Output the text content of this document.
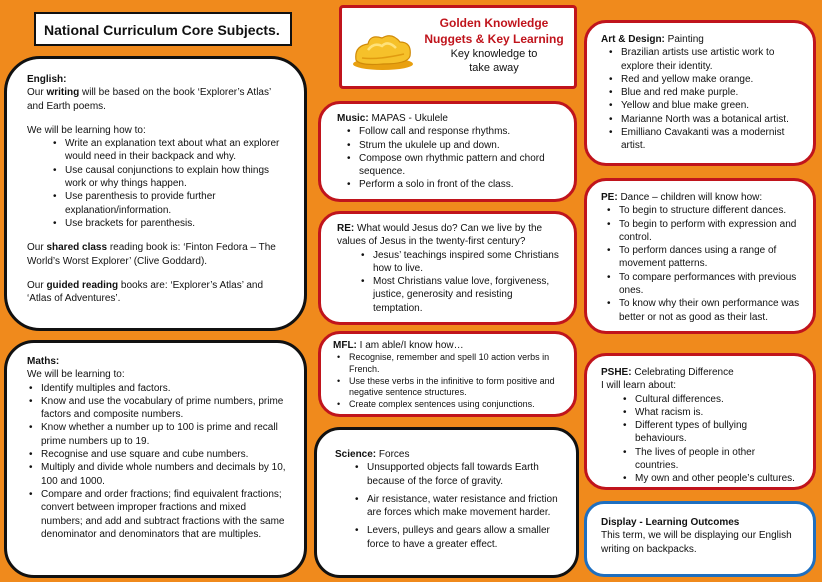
National Curriculum Core Subjects.	Golden Knowledge
Nuggets & Key Learning
Key knowledge to
take away

English:

Our writing will be based on the book ‘Explorer’s Atlas’ and Earth poems.

We will be learning how to:

• Write an explanation text about what an explorer would need in their backpack and why.
• Use causal conjunctions to explain how things work or why things happen.
• Use parenthesis to provide further explanation/information.
• Use brackets for parenthesis.

Our shared class reading book is: ‘Finton Fedora – The World’s Worst Explorer’ (Clive Goddard).

Our guided reading books are: ‘Explorer’s Atlas’ and ‘Atlas of Adventures’.

Maths:

We will be learning to:

• Identify multiples and factors.
• Know and use the vocabulary of prime numbers, prime factors and composite numbers.
• Know whether a number up to 100 is prime and recall prime numbers up to 19.
• Recognise and use square and cube numbers.
• Multiply and divide whole numbers and decimals by 10, 100 and 1000.
• Compare and order fractions; find equivalent fractions; convert between improper fractions and mixed numbers; and add and subtract fractions with the same denominator and denominators that are multiples.

Music: MAPAS - Ukulele

• Follow call and response rhythms.
• Strum the ukulele up and down.
• Compose own rhythmic pattern and chord sequence.
• Perform a solo in front of the class.

RE: What would Jesus do? Can we live by the values of Jesus in the twenty-first century?

• Jesus’ teachings inspired some Christians how to live.
• Most Christians value love, forgiveness, justice, generosity and resisting temptation.

MFL: I am able/I know how…

• Recognise, remember and spell 10 action verbs in French.
• Use these verbs in the infinitive to form positive and negative sentence structures.
• Create complex sentences using conjunctions.

Science: Forces

• Unsupported objects fall towards Earth because of the force of gravity.
• Air resistance, water resistance and friction are forces which make movement harder.
• Levers, pulleys and gears allow a smaller force to have a greater effect.

Art & Design: Painting

• Brazilian artists use artistic work to explore their identity.
• Red and yellow make orange.
• Blue and red make purple.
• Yellow and blue make green.
• Marianne North was a botanical artist.
• Emilliano Cavakanti was a modernist artist.

PE: Dance – children will know how:

• To begin to structure different dances.
• To begin to perform with expression and control.
• To perform dances using a range of movement patterns.
• To compare performances with previous ones.
• To know why their own performance was better or not as good as their last.

PSHE: Celebrating Difference

I will learn about:

• Cultural differences.
• What racism is.
• Different types of bullying behaviours.
• The lives of people in other countries.
• My own and other people’s cultures.

Display - Learning Outcomes

This term, we will be displaying our English writing on backpacks.
